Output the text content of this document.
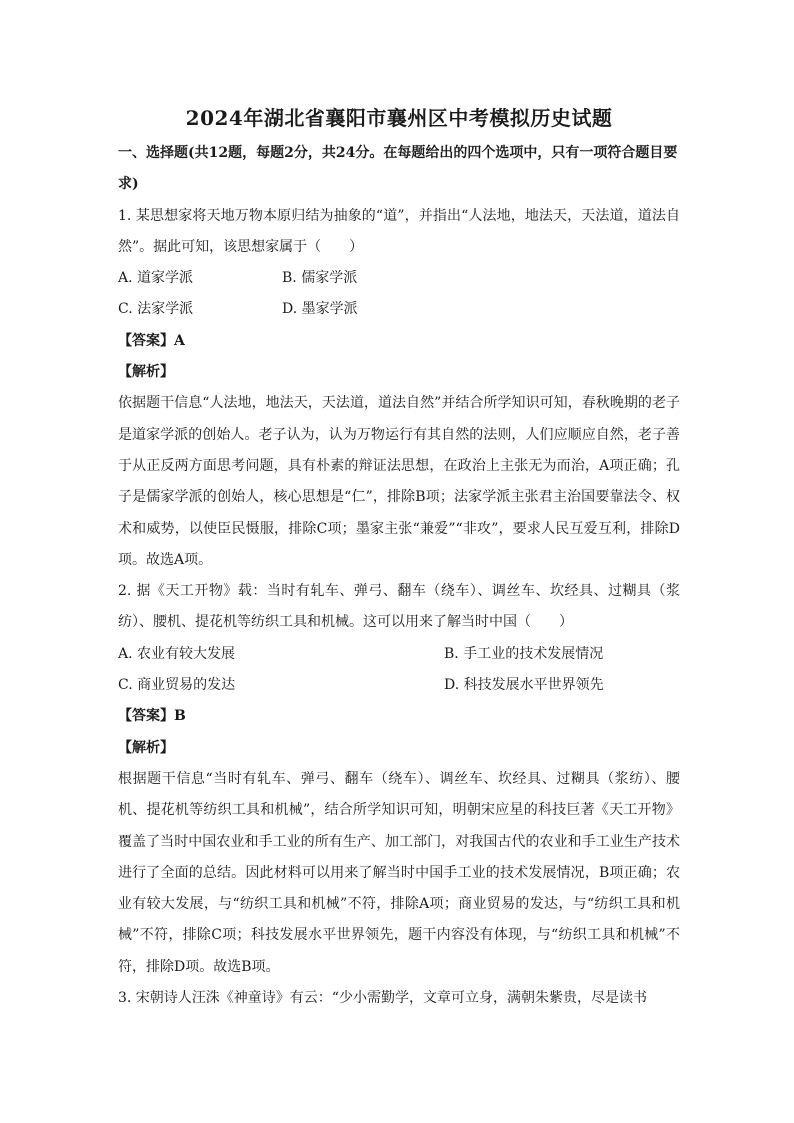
2024年湖北省襄阳市襄州区中考模拟历史试题

一、选择题(共12题，每题2分，共24分。在每题给出的四个选项中，只有一项符合题目要求)

1. 某思想家将天地万物本原归结为抽象的“道”，并指出“人法地，地法天，天法道，道法自然”。据此可知，该思想家属于（　　）

A. 道家学派	B. 儒家学派
C. 法家学派	D. 墨家学派

【答案】A

【解析】

依据题干信息“人法地，地法天，天法道，道法自然”并结合所学知识可知，春秋晚期的老子是道家学派的创始人。老子认为，认为万物运行有其自然的法则，人们应顺应自然，老子善于从正反两方面思考问题，具有朴素的辩证法思想，在政治上主张无为而治，A项正确；孔子是儒家学派的创始人，核心思想是“仁”，排除B项；法家学派主张君主治国要靠法令、权术和威势，以使臣民慑服，排除C项；墨家主张“兼爱”“非攻”，要求人民互爱互利，排除D项。故选A项。

2. 据《天工开物》载：当时有轧车、弹弓、翻车（绕车）、调丝车、坎经具、过糊具（浆纺）、腰机、提花机等纺织工具和机械。这可以用来了解当时中国（　　）

A. 农业有较大发展	B. 手工业的技术发展情况
C. 商业贸易的发达	D. 科技发展水平世界领先

【答案】B

【解析】

根据题干信息“当时有轧车、弹弓、翻车（绕车）、调丝车、坎经具、过糊具（浆纺）、腰机、提花机等纺织工具和机械”，结合所学知识可知，明朝宋应星的科技巨著《天工开物》覆盖了当时中国农业和手工业的所有生产、加工部门，对我国古代的农业和手工业生产技术进行了全面的总结。因此材料可以用来了解当时中国手工业的技术发展情况，B项正确；农业有较大发展，与“纺织工具和机械”不符，排除A项；商业贸易的发达，与“纺织工具和机械”不符，排除C项；科技发展水平世界领先，题干内容没有体现，与“纺织工具和机械”不符，排除D项。故选B项。

3. 宋朝诗人汪洙《神童诗》有云：“少小需勤学，文章可立身，满朝朱紫贵，尽是读书
